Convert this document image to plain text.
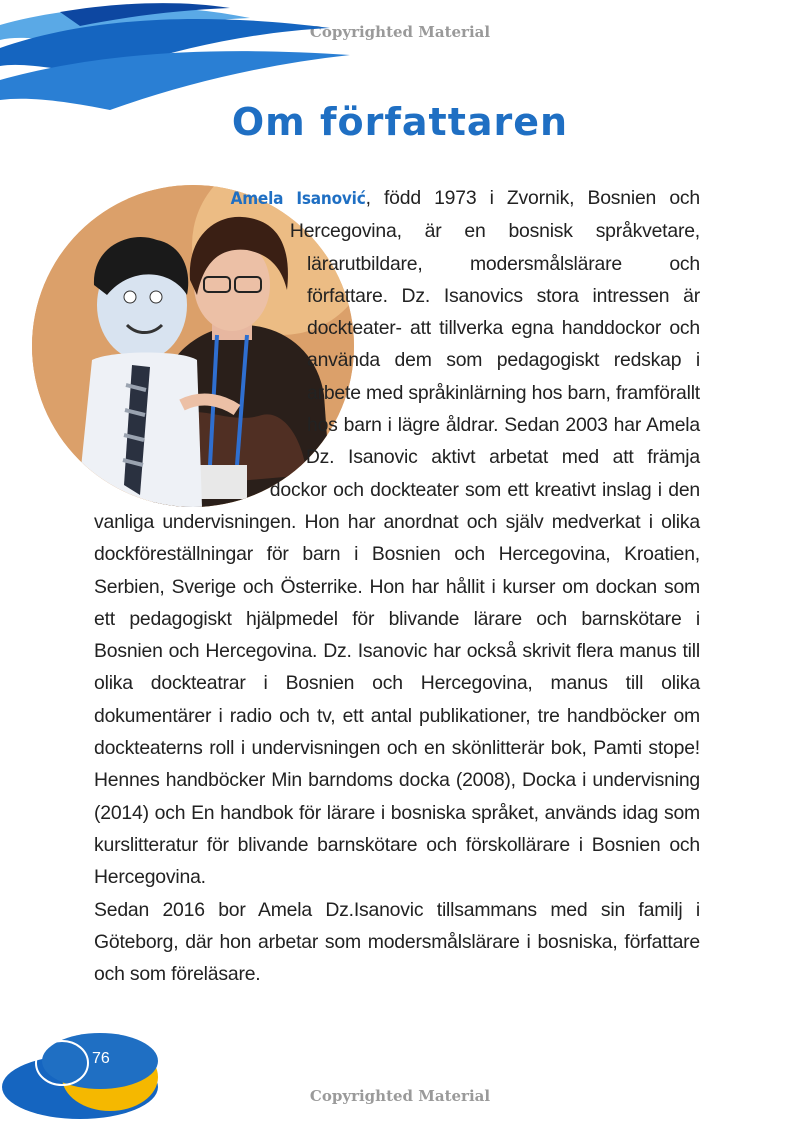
Copyrighted Material
Om författaren

Amela Isanović, född 1973 i Zvornik, Bosnien och Hercegovina, är en bosnisk språkvetare, lärarutbildare, modersmålslärare och författare. Dz. Isanovics stora intressen är dockteater- att tillverka egna handdockor och använda dem som pedagogiskt redskap i arbete med språkinlärning hos barn, framförallt hos barn i lägre åldrar. Sedan 2003 har Amela Dz. Isanovic aktivt arbetat med att främja dockor och dockteater som ett kreativt inslag i den vanliga undervisningen. Hon har anordnat och själv medverkat i olika dockföreställningar för barn i Bosnien och Hercegovina, Kroatien, Serbien, Sverige och Österrike. Hon har hållit i kurser om dockan som ett pedagogiskt hjälpmedel för blivande lärare och barnskötare i Bosnien och Hercegovina. Dz. Isanovic har också skrivit flera manus till olika dockteatrar i Bosnien och Hercegovina, manus till olika dokumentärer i radio och tv, ett antal publikationer, tre handböcker om dockteaterns roll i undervisningen och en skönlitterär bok, Pamti stope! Hennes handböcker Min barndoms docka (2008), Docka i undervisning (2014) och En handbok för lärare i bosniska språket, används idag som kurslitteratur för blivande barnskötare och förskollärare i Bosnien och Hercegovina.

Sedan 2016 bor Amela Dz.Isanovic tillsammans med sin familj i Göteborg, där hon arbetar som modersmålslärare i bosniska, författare och som föreläsare.

76
Copyrighted Material
